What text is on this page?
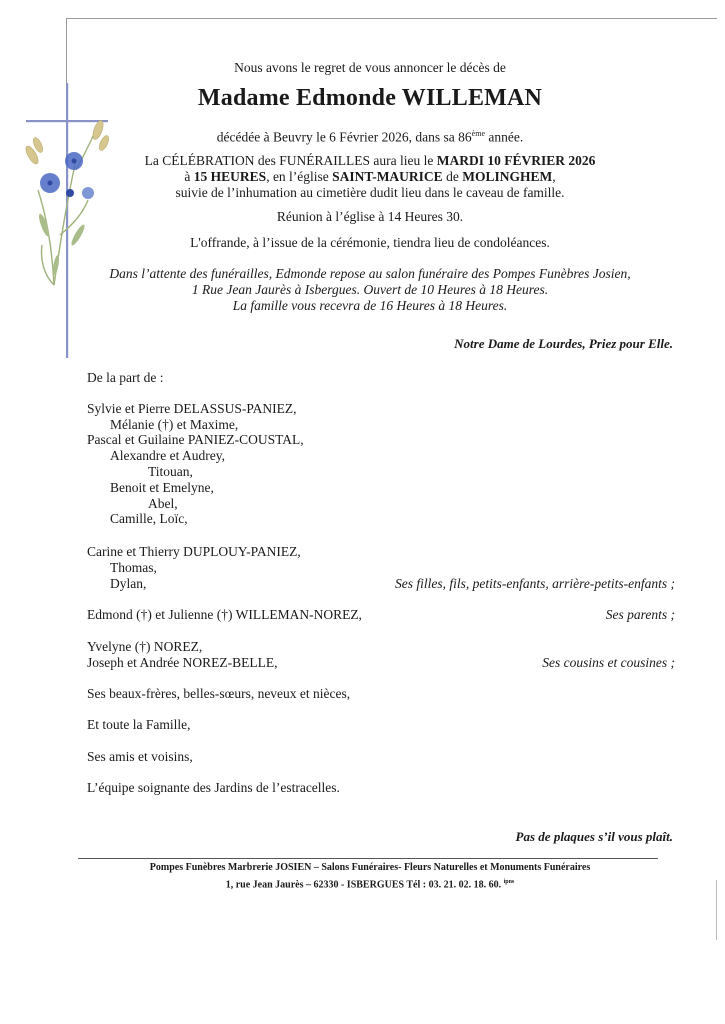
Nous avons le regret de vous annoncer le décès de
Madame Edmonde WILLEMAN
décédée à Beuvry le 6 Février 2026, dans sa 86ème année.
La CÉLÉBRATION des FUNÉRAILLES aura lieu le MARDI 10 FÉVRIER 2026
à 15 HEURES, en l’église SAINT-MAURICE de MOLINGHEM,
suivie de l’inhumation au cimetière dudit lieu dans le caveau de famille.
Réunion à l’église à 14 Heures 30.
L'offrande, à l’issue de la cérémonie, tiendra lieu de condoléances.
Dans l’attente des funérailles, Edmonde repose au salon funéraire des Pompes Funèbres Josien,
1 Rue Jean Jaurès à Isbergues. Ouvert de 10 Heures à 18 Heures.
La famille vous recevra de 16 Heures à 18 Heures.
Notre Dame de Lourdes, Priez pour Elle.
De la part de :
Sylvie et Pierre DELASSUS-PANIEZ,
Mélanie (†) et Maxime,
Pascal et Guilaine PANIEZ-COUSTAL,
Alexandre et Audrey,
Titouan,
Benoit et Emelyne,
Abel,
Camille, Loïc,
Carine et Thierry DUPLOUY-PANIEZ,
Thomas,
Dylan,	Ses filles, fils, petits-enfants, arrière-petits-enfants ;
Edmond (†) et Julienne (†) WILLEMAN-NOREZ,	Ses parents ;
Yvelyne (†) NOREZ,
Joseph et Andrée NOREZ-BELLE,	Ses cousins et cousines ;
Ses beaux-frères, belles-sœurs, neveux et nièces,
Et toute la Famille,
Ses amis et voisins,
L’équipe soignante des Jardins de l’estracelles.
Pas de plaques s’il vous plaît.
Pompes Funèbres Marbrerie JOSIEN – Salons Funéraires- Fleurs Naturelles et Monuments Funéraires
1, rue Jean Jaurès – 62330 - ISBERGUES Tél : 03. 21. 02. 18. 60. $^{ipns}$
